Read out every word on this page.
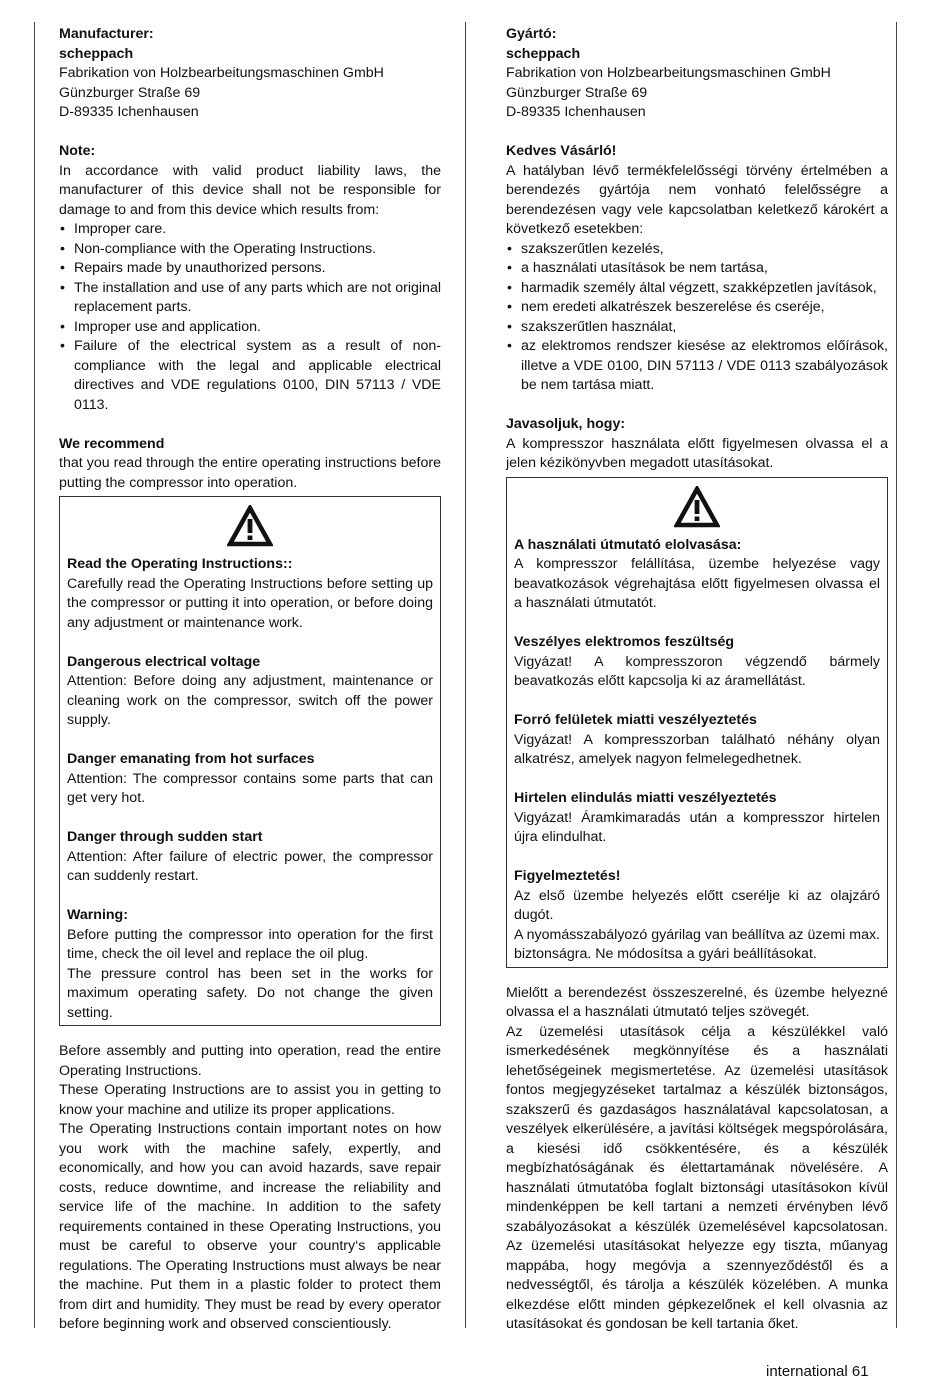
Manufacturer:

scheppach

Fabrikation von Holzbearbeitungsmaschinen GmbH

Günzburger Straße 69

D-89335 Ichenhausen

Note:

In accordance with valid product liability laws, the manufacturer of this device shall not be responsible for damage to and from this device which results from:

• Improper care.
• Non-compliance with the Operating Instructions.
• Repairs made by unauthorized persons.
• The installation and use of any parts which are not original replacement parts.
• Improper use and application.
• Failure of the electrical system as a result of non-compliance with the legal and applicable electrical directives and VDE regulations 0100, DIN 57113 / VDE 0113.

We recommend

that you read through the entire operating instructions before putting the compressor into operation.

Read the Operating Instructions::

Carefully read the Operating Instructions before setting up the compressor or putting it into operation, or before doing any adjustment or maintenance work.

Dangerous electrical voltage

Attention: Before doing any adjustment, maintenance or cleaning work on the compressor, switch off the power supply.

Danger emanating from hot surfaces

Attention: The compressor contains some parts that can get very hot.

Danger through sudden start

Attention: After failure of electric power, the compressor can suddenly restart.

Warning:

Before putting the compressor into operation for the first time, check the oil level and replace the oil plug.

The pressure control has been set in the works for maximum operating safety. Do not change the given setting.

Before assembly and putting into operation, read the entire Operating Instructions.

These Operating Instructions are to assist you in getting to know your machine and utilize its proper applications.

The Operating Instructions contain important notes on how you work with the machine safely, expertly, and economically, and how you can avoid hazards, save repair costs, reduce downtime, and increase the reliability and service life of the machine. In addition to the safety requirements contained in these Operating Instructions, you must be careful to observe your country‘s applicable regulations. The Operating Instructions must always be near the machine. Put them in a plastic folder to protect them from dirt and humidity. They must be read by every operator before beginning work and observed conscientiously.

Gyártó:

scheppach

Fabrikation von Holzbearbeitungsmaschinen GmbH

Günzburger Straße 69

D-89335 Ichenhausen

Kedves Vásárló!

A hatályban lévő termékfelelősségi törvény értelmében a berendezés gyártója nem vonható felelősségre a berendezésen vagy vele kapcsolatban keletkező károkért a következő esetekben:

• szakszerűtlen kezelés,
• a használati utasítások be nem tartása,
• harmadik személy által végzett, szakképzetlen javítások,
• nem eredeti alkatrészek beszerelése és cseréje,
• szakszerűtlen használat,
• az elektromos rendszer kiesése az elektromos előírások, illetve a VDE 0100, DIN 57113 / VDE 0113 szabályozások be nem tartása miatt.

Javasoljuk, hogy:

A kompresszor használata előtt figyelmesen olvassa el a jelen kézikönyvben megadott utasításokat.

A használati útmutató elolvasása:

A kompresszor felállítása, üzembe helyezése vagy beavatkozások végrehajtása előtt figyelmesen olvassa el a használati útmutatót.

Veszélyes elektromos feszültség

Vigyázat! A kompresszoron végzendő bármely beavatkozás előtt kapcsolja ki az áramellátást.

Forró felületek miatti veszélyeztetés

Vigyázat! A kompresszorban található néhány olyan alkatrész, amelyek nagyon felmelegedhetnek.

Hirtelen elindulás miatti veszélyeztetés

Vigyázat! Áramkimaradás után a kompresszor hirtelen újra elindulhat.

Figyelmeztetés!

Az első üzembe helyezés előtt cserélje ki az olajzáró dugót.

A nyomásszabályozó gyárilag van beállítva az üzemi max. biztonságra. Ne módosítsa a gyári beállításokat.

Mielőtt a berendezést összeszerelné, és üzembe helyezné olvassa el a használati útmutató teljes szövegét.

Az üzemelési utasítások célja a készülékkel való ismerkedésének megkönnyítése és a használati lehetőségeinek megismertetése. Az üzemelési utasítások fontos megjegyzéseket tartalmaz a készülék biztonságos, szakszerű és gazdaságos használatával kapcsolatosan, a veszélyek elkerülésére, a javítási költségek megspórolására, a kiesési idő csökkentésére, és a készülék megbízhatóságának és élettartamának növelésére. A használati útmutatóba foglalt biztonsági utasításokon kívül mindenképpen be kell tartani a nemzeti érvényben lévő szabályozásokat a készülék üzemelésével kapcsolatosan. Az üzemelési utasításokat helyezze egy tiszta, műanyag mappába, hogy megóvja a szennyeződéstől és a nedvességtől, és tárolja a készülék közelében. A munka elkezdése előtt minden gépkezelőnek el kell olvasnia az utasításokat és gondosan be kell tartania őket.

international 61
